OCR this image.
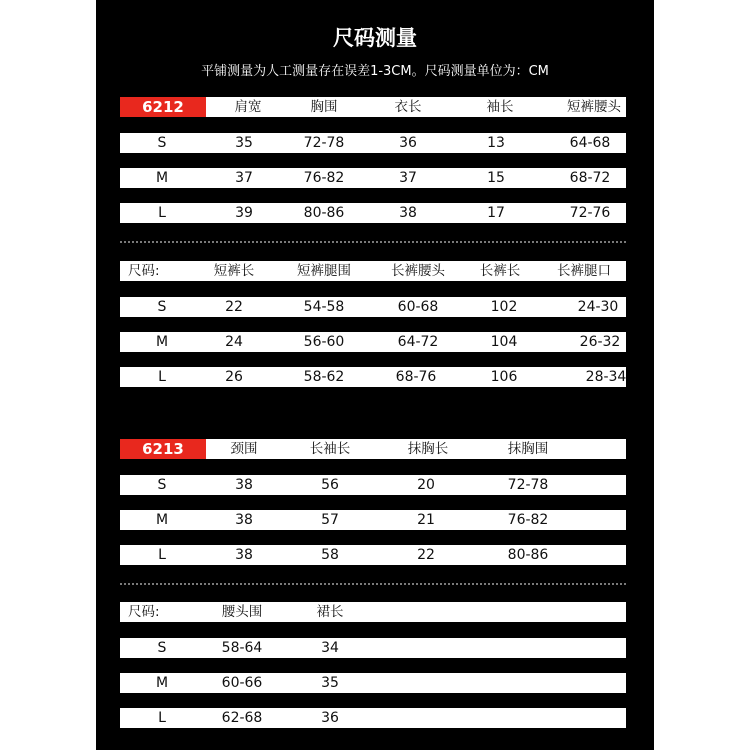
尺码测量
平铺测量为人工测量存在误差1-3CM。尺码测量单位为：CM
6212	肩宽	胸围	衣长	袖长	短裤腰头
S	35	72-78	36	13	64-68
M	37	76-82	37	15	68-72
L	39	80-86	38	17	72-76
尺码:	短裤长	短裤腿围	长裤腰头	长裤长	长裤腿口
S	22	54-58	60-68	102	24-30
M	24	56-60	64-72	104	26-32
L	26	58-62	68-76	106	28-34
6213	颈围	长袖长	抹胸长	抹胸围
S	38	56	20	72-78
M	38	57	21	76-82
L	38	58	22	80-86
尺码:	腰头围	裙长
S	58-64	34
M	60-66	35
L	62-68	36
